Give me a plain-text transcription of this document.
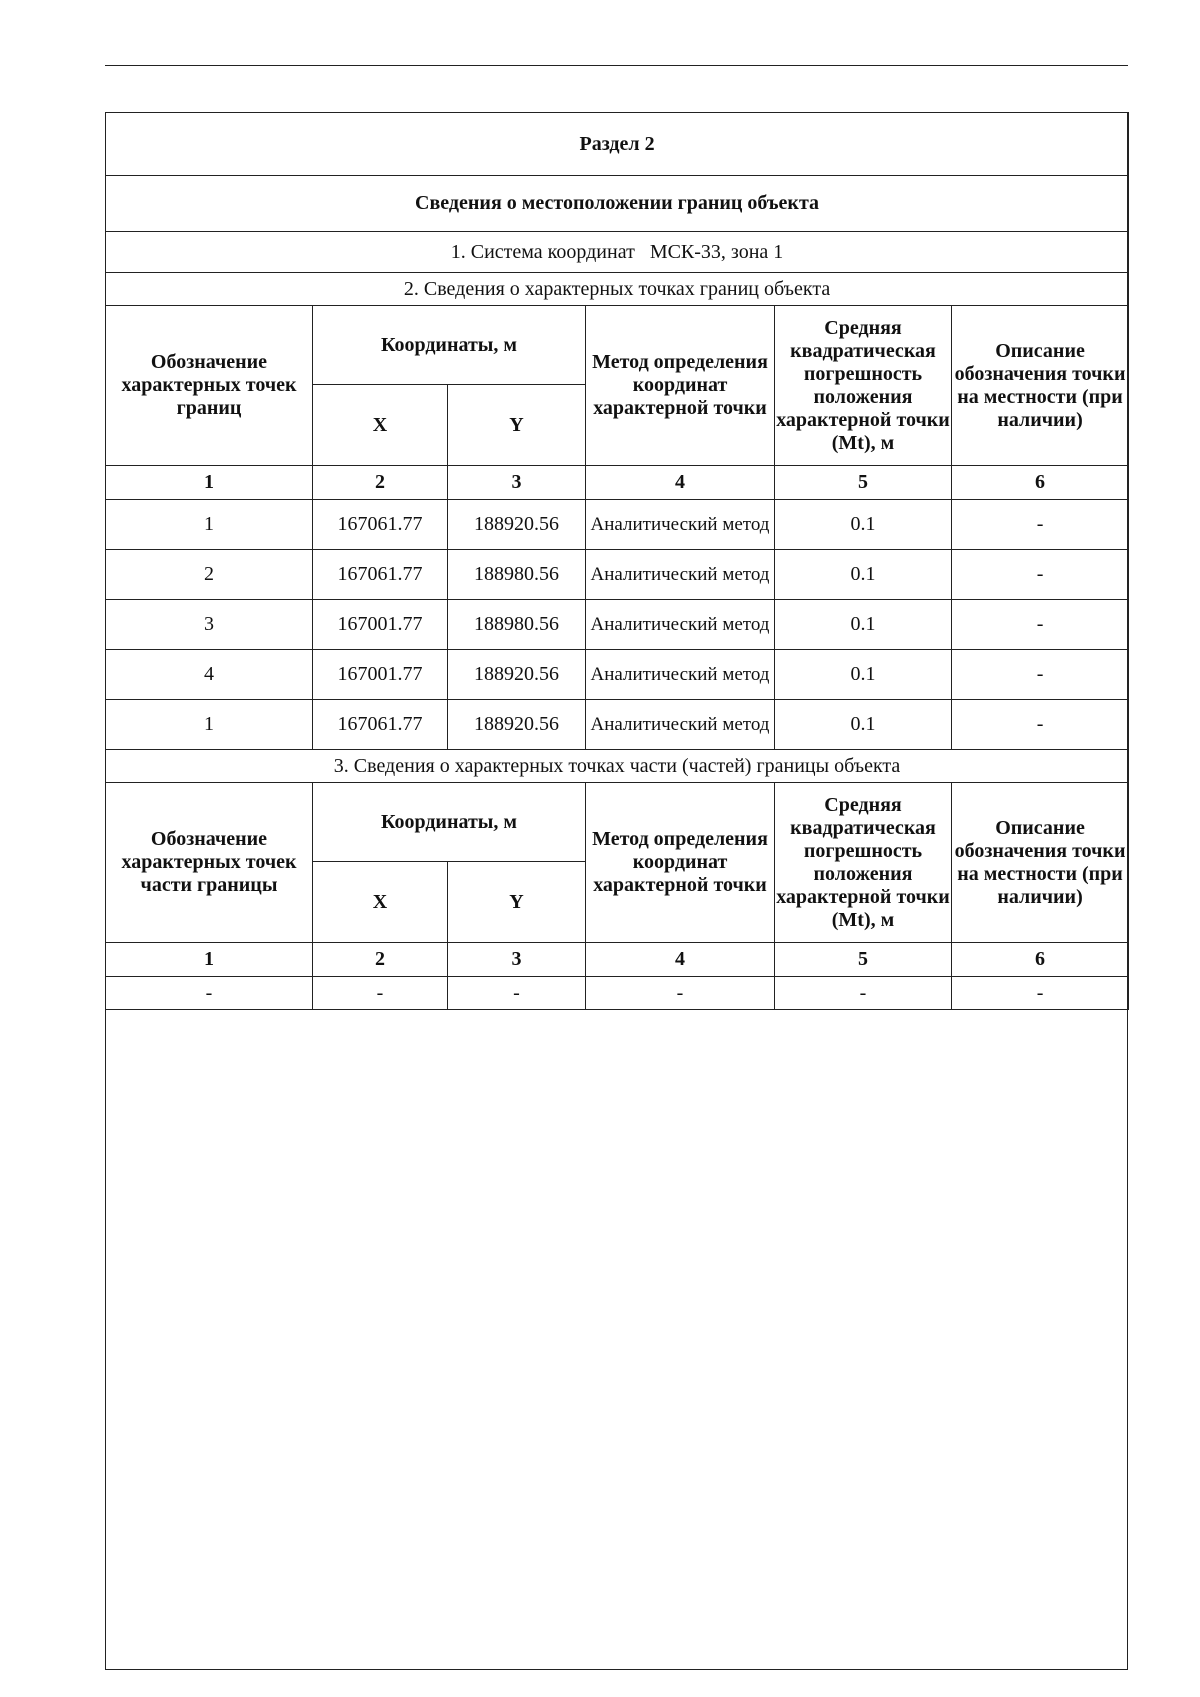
Раздел 2					
Сведения о местоположении границ объекта					
1. Система координат МСК-33, зона 1					
2. Сведения о характерных точках границ объекта					
Обозначение характерных точек границ	Координаты, м		Метод определения координат характерной точки	Средняя квадратическая погрешность положения характерной точки (Mt), м	Описание обозначения точки на местности (при наличии)
	X	Y			
1	2	3	4	5	6
1	167061.77	188920.56	Аналитический метод	0.1	-
2	167061.77	188980.56	Аналитический метод	0.1	-
3	167001.77	188980.56	Аналитический метод	0.1	-
4	167001.77	188920.56	Аналитический метод	0.1	-
1	167061.77	188920.56	Аналитический метод	0.1	-
3. Сведения о характерных точках части (частей) границы объекта					
Обозначение характерных точек части границы	Координаты, м		Метод определения координат характерной точки	Средняя квадратическая погрешность положения характерной точки (Mt), м	Описание обозначения точки на местности (при наличии)
	X	Y			
1	2	3	4	5	6
-	-	-	-	-	-
